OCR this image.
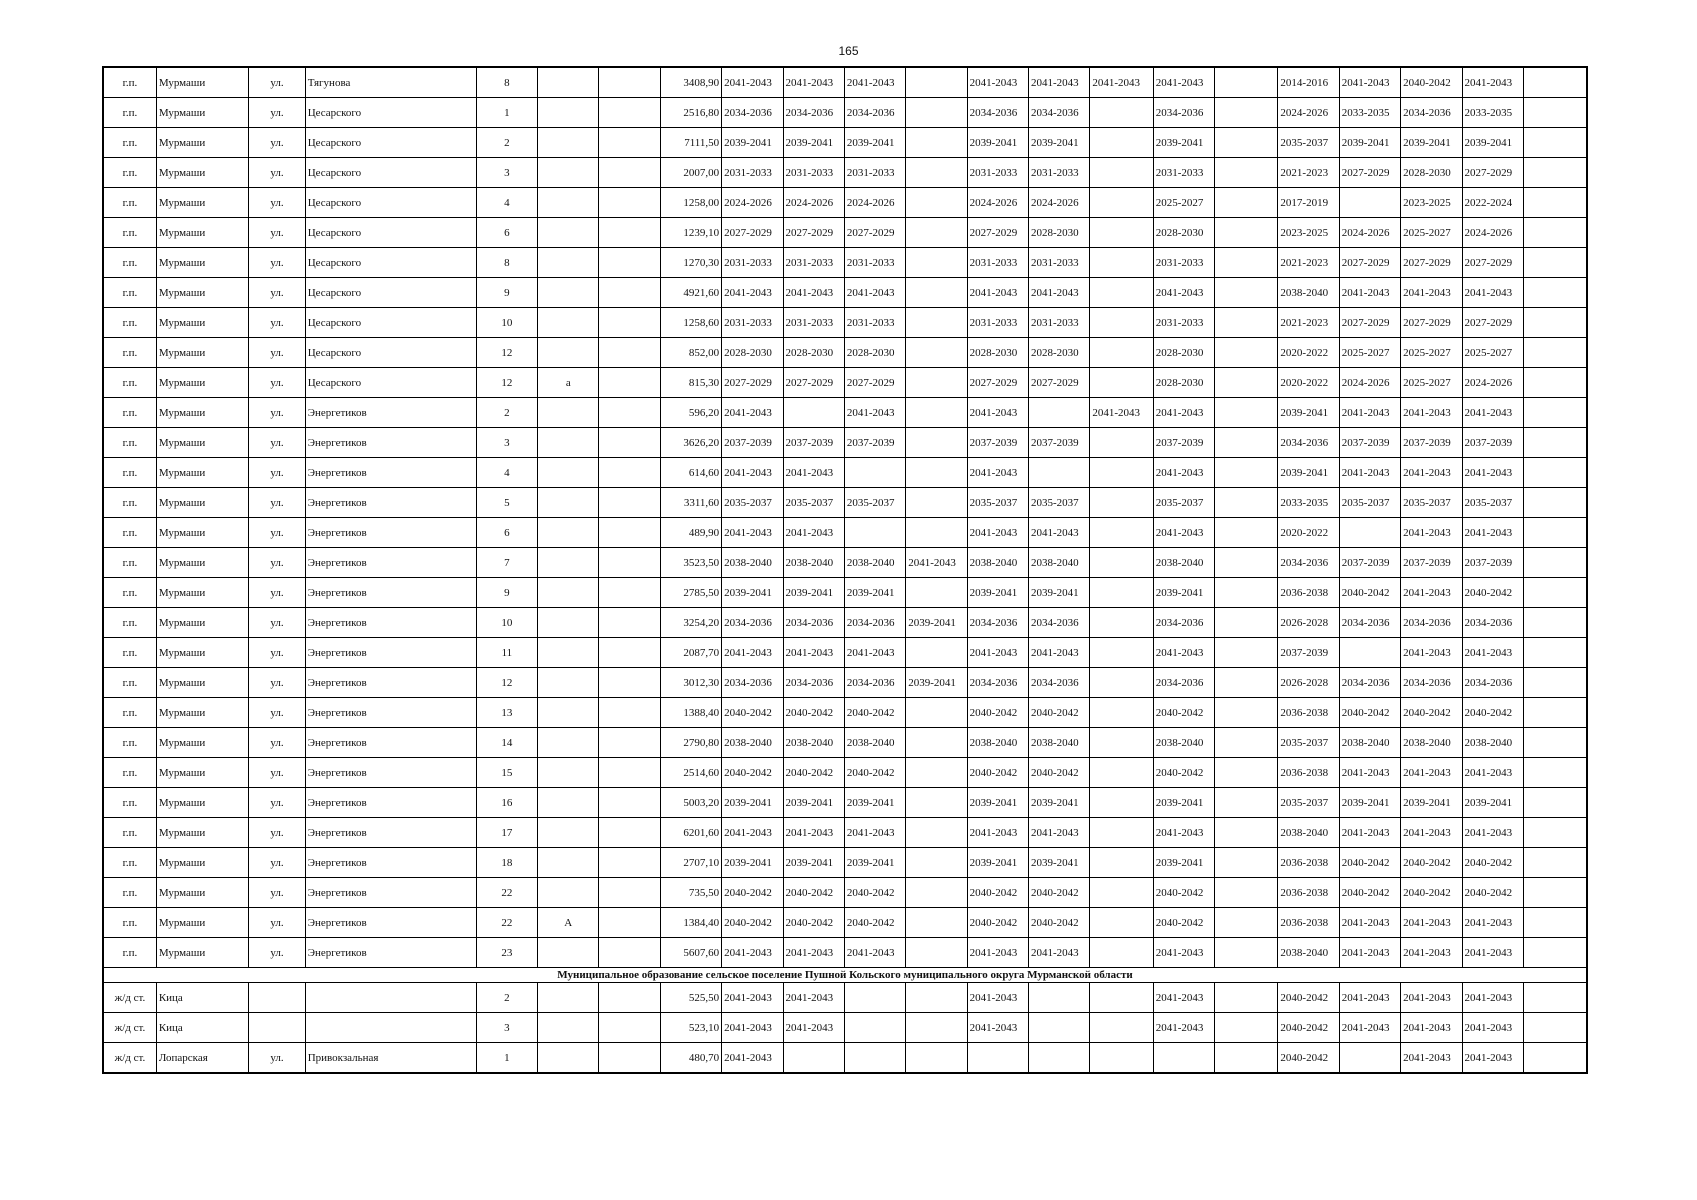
165
г.п.	Мурмаши	ул.	Тягунова	8			3408,90	2041-2043	2041-2043	2041-2043		2041-2043	2041-2043	2041-2043	2041-2043		2014-2016	2041-2043	2040-2042	2041-2043	
г.п.	Мурмаши	ул.	Цесарского	1			2516,80	2034-2036	2034-2036	2034-2036		2034-2036	2034-2036		2034-2036		2024-2026	2033-2035	2034-2036	2033-2035	
г.п.	Мурмаши	ул.	Цесарского	2			7111,50	2039-2041	2039-2041	2039-2041		2039-2041	2039-2041		2039-2041		2035-2037	2039-2041	2039-2041	2039-2041	
г.п.	Мурмаши	ул.	Цесарского	3			2007,00	2031-2033	2031-2033	2031-2033		2031-2033	2031-2033		2031-2033		2021-2023	2027-2029	2028-2030	2027-2029	
г.п.	Мурмаши	ул.	Цесарского	4			1258,00	2024-2026	2024-2026	2024-2026		2024-2026	2024-2026		2025-2027		2017-2019		2023-2025	2022-2024	
г.п.	Мурмаши	ул.	Цесарского	6			1239,10	2027-2029	2027-2029	2027-2029		2027-2029	2028-2030		2028-2030		2023-2025	2024-2026	2025-2027	2024-2026	
г.п.	Мурмаши	ул.	Цесарского	8			1270,30	2031-2033	2031-2033	2031-2033		2031-2033	2031-2033		2031-2033		2021-2023	2027-2029	2027-2029	2027-2029	
г.п.	Мурмаши	ул.	Цесарского	9			4921,60	2041-2043	2041-2043	2041-2043		2041-2043	2041-2043		2041-2043		2038-2040	2041-2043	2041-2043	2041-2043	
г.п.	Мурмаши	ул.	Цесарского	10			1258,60	2031-2033	2031-2033	2031-2033		2031-2033	2031-2033		2031-2033		2021-2023	2027-2029	2027-2029	2027-2029	
г.п.	Мурмаши	ул.	Цесарского	12			852,00	2028-2030	2028-2030	2028-2030		2028-2030	2028-2030		2028-2030		2020-2022	2025-2027	2025-2027	2025-2027	
г.п.	Мурмаши	ул.	Цесарского	12	а		815,30	2027-2029	2027-2029	2027-2029		2027-2029	2027-2029		2028-2030		2020-2022	2024-2026	2025-2027	2024-2026	
г.п.	Мурмаши	ул.	Энергетиков	2			596,20	2041-2043		2041-2043		2041-2043		2041-2043	2041-2043		2039-2041	2041-2043	2041-2043	2041-2043	
г.п.	Мурмаши	ул.	Энергетиков	3			3626,20	2037-2039	2037-2039	2037-2039		2037-2039	2037-2039		2037-2039		2034-2036	2037-2039	2037-2039	2037-2039	
г.п.	Мурмаши	ул.	Энергетиков	4			614,60	2041-2043	2041-2043			2041-2043			2041-2043		2039-2041	2041-2043	2041-2043	2041-2043	
г.п.	Мурмаши	ул.	Энергетиков	5			3311,60	2035-2037	2035-2037	2035-2037		2035-2037	2035-2037		2035-2037		2033-2035	2035-2037	2035-2037	2035-2037	
г.п.	Мурмаши	ул.	Энергетиков	6			489,90	2041-2043	2041-2043			2041-2043	2041-2043		2041-2043		2020-2022		2041-2043	2041-2043	
г.п.	Мурмаши	ул.	Энергетиков	7			3523,50	2038-2040	2038-2040	2038-2040	2041-2043	2038-2040	2038-2040		2038-2040		2034-2036	2037-2039	2037-2039	2037-2039	
г.п.	Мурмаши	ул.	Энергетиков	9			2785,50	2039-2041	2039-2041	2039-2041		2039-2041	2039-2041		2039-2041		2036-2038	2040-2042	2041-2043	2040-2042	
г.п.	Мурмаши	ул.	Энергетиков	10			3254,20	2034-2036	2034-2036	2034-2036	2039-2041	2034-2036	2034-2036		2034-2036		2026-2028	2034-2036	2034-2036	2034-2036	
г.п.	Мурмаши	ул.	Энергетиков	11			2087,70	2041-2043	2041-2043	2041-2043		2041-2043	2041-2043		2041-2043		2037-2039		2041-2043	2041-2043	
г.п.	Мурмаши	ул.	Энергетиков	12			3012,30	2034-2036	2034-2036	2034-2036	2039-2041	2034-2036	2034-2036		2034-2036		2026-2028	2034-2036	2034-2036	2034-2036	
г.п.	Мурмаши	ул.	Энергетиков	13			1388,40	2040-2042	2040-2042	2040-2042		2040-2042	2040-2042		2040-2042		2036-2038	2040-2042	2040-2042	2040-2042	
г.п.	Мурмаши	ул.	Энергетиков	14			2790,80	2038-2040	2038-2040	2038-2040		2038-2040	2038-2040		2038-2040		2035-2037	2038-2040	2038-2040	2038-2040	
г.п.	Мурмаши	ул.	Энергетиков	15			2514,60	2040-2042	2040-2042	2040-2042		2040-2042	2040-2042		2040-2042		2036-2038	2041-2043	2041-2043	2041-2043	
г.п.	Мурмаши	ул.	Энергетиков	16			5003,20	2039-2041	2039-2041	2039-2041		2039-2041	2039-2041		2039-2041		2035-2037	2039-2041	2039-2041	2039-2041	
г.п.	Мурмаши	ул.	Энергетиков	17			6201,60	2041-2043	2041-2043	2041-2043		2041-2043	2041-2043		2041-2043		2038-2040	2041-2043	2041-2043	2041-2043	
г.п.	Мурмаши	ул.	Энергетиков	18			2707,10	2039-2041	2039-2041	2039-2041		2039-2041	2039-2041		2039-2041		2036-2038	2040-2042	2040-2042	2040-2042	
г.п.	Мурмаши	ул.	Энергетиков	22			735,50	2040-2042	2040-2042	2040-2042		2040-2042	2040-2042		2040-2042		2036-2038	2040-2042	2040-2042	2040-2042	
г.п.	Мурмаши	ул.	Энергетиков	22	А		1384,40	2040-2042	2040-2042	2040-2042		2040-2042	2040-2042		2040-2042		2036-2038	2041-2043	2041-2043	2041-2043	
г.п.	Мурмаши	ул.	Энергетиков	23			5607,60	2041-2043	2041-2043	2041-2043		2041-2043	2041-2043		2041-2043		2038-2040	2041-2043	2041-2043	2041-2043	
Муниципальное образование сельское поселение Пушной Кольского муниципального округа Мурманской области																					
ж/д ст.	Кица			2			525,50	2041-2043	2041-2043			2041-2043			2041-2043		2040-2042	2041-2043	2041-2043	2041-2043	
ж/д ст.	Кица			3			523,10	2041-2043	2041-2043			2041-2043			2041-2043		2040-2042	2041-2043	2041-2043	2041-2043	
ж/д ст.	Лопарская	ул.	Привокзальная	1			480,70	2041-2043									2040-2042		2041-2043	2041-2043	
